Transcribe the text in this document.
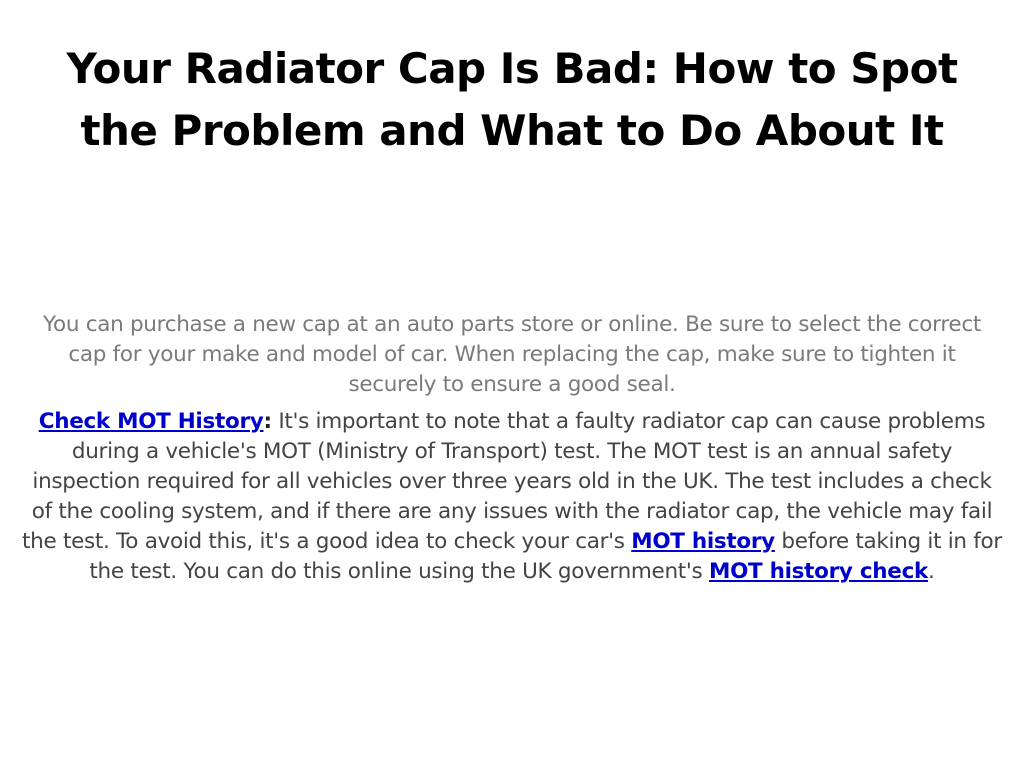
Your Radiator Cap Is Bad: How to Spot the Problem and What to Do About It

You can purchase a new cap at an auto parts store or online. Be sure to select the correct cap for your make and model of car. When replacing the cap, make sure to tighten it securely to ensure a good seal.

Check MOT History: It's important to note that a faulty radiator cap can cause problems during a vehicle's MOT (Ministry of Transport) test. The MOT test is an annual safety inspection required for all vehicles over three years old in the UK. The test includes a check of the cooling system, and if there are any issues with the radiator cap, the vehicle may fail the test. To avoid this, it's a good idea to check your car's MOT history before taking it in for the test. You can do this online using the UK government's MOT history check.
